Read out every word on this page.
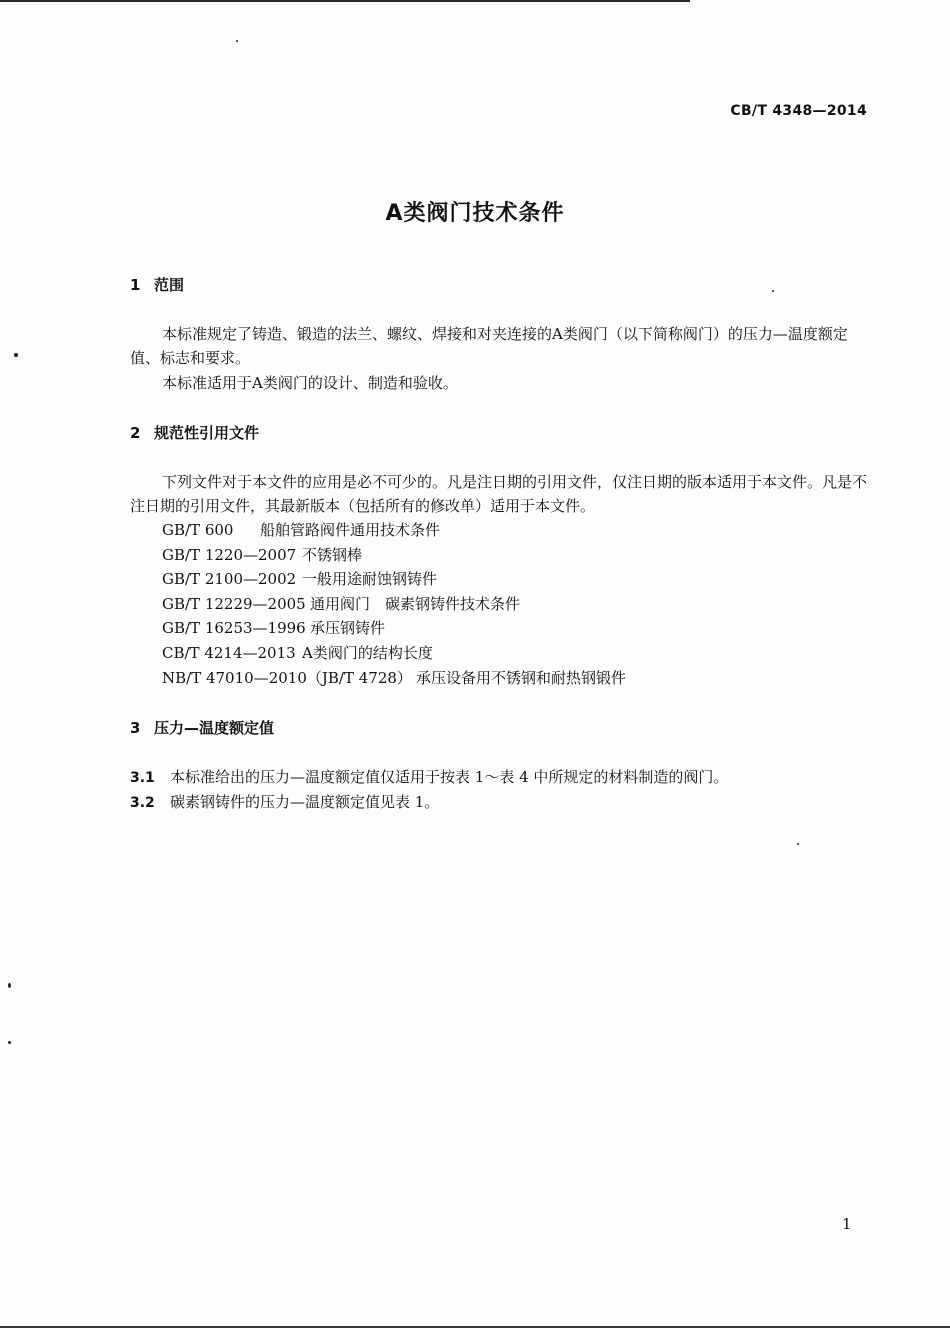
CB/T 4348—2014
A类阀门技术条件
1 范围

本标准规定了铸造、锻造的法兰、螺纹、焊接和对夹连接的A类阀门（以下简称阀门）的压力—温度额定值、标志和要求。

本标准适用于A类阀门的设计、制造和验收。

2 规范性引用文件

下列文件对于本文件的应用是必不可少的。凡是注日期的引用文件，仅注日期的版本适用于本文件。凡是不注日期的引用文件，其最新版本（包括所有的修改单）适用于本文件。

GB/T 600 船舶管路阀件通用技术条件
GB/T 1220—2007 不锈钢棒
GB/T 2100—2002 一般用途耐蚀钢铸件
GB/T 12229—2005 通用阀门　碳素钢铸件技术条件
GB/T 16253—1996 承压钢铸件
CB/T 4214—2013 A类阀门的结构长度
NB/T 47010—2010（JB/T 4728） 承压设备用不锈钢和耐热钢锻件
3 压力—温度额定值
3.1 本标准给出的压力—温度额定值仅适用于按表 1～表 4 中所规定的材料制造的阀门。
3.2 碳素钢铸件的压力—温度额定值见表 1。
1
